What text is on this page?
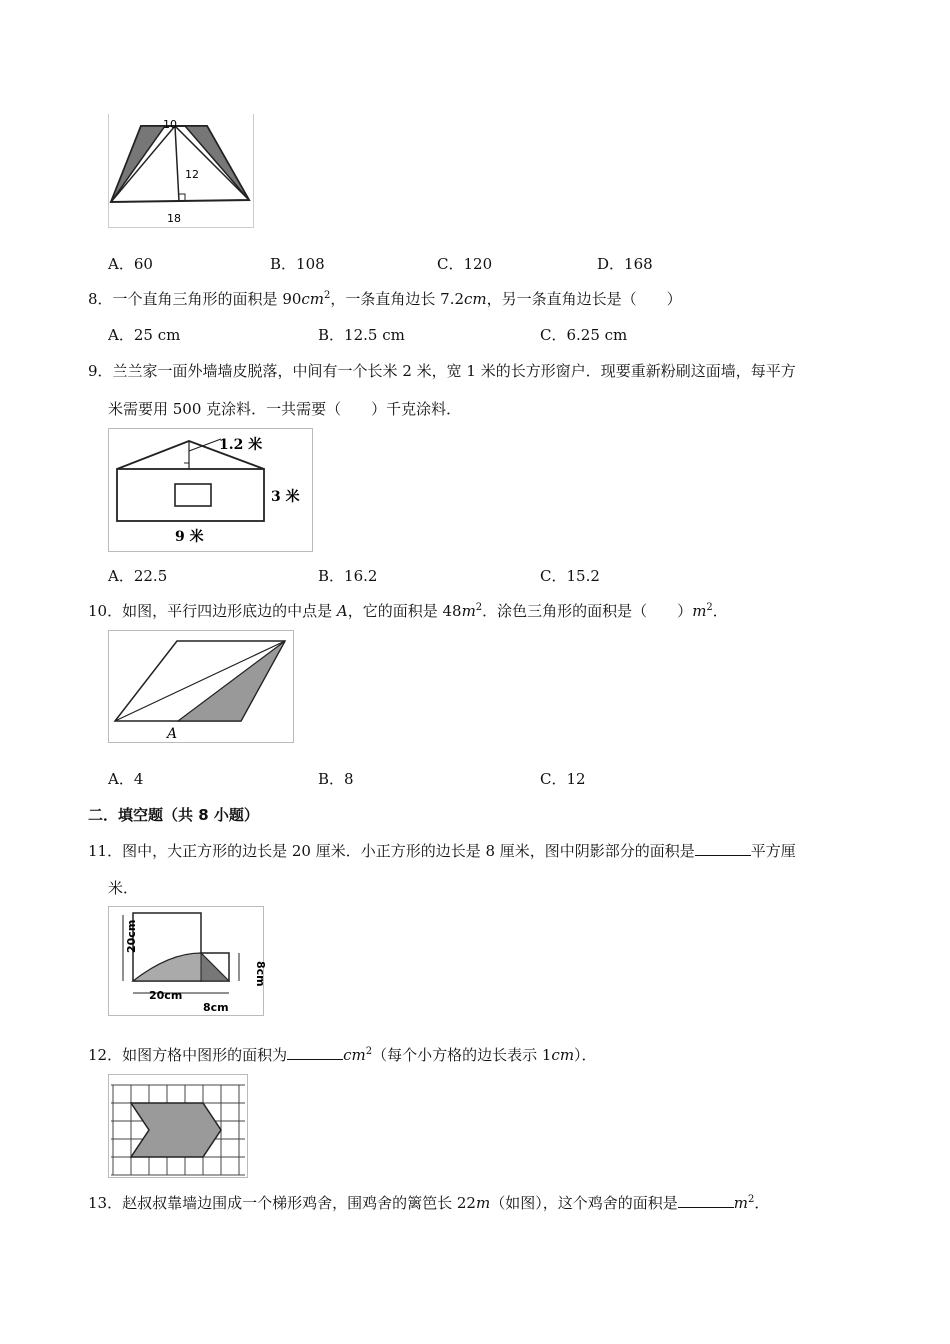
10
12
18
A．60	B．108	C．120	D．168
8．一个直角三角形的面积是 $90cm^2$，一条直角边长 7.2cm，另一条直角边长是（　　）
A．25 cm	B．12.5 cm	C．6.25 cm
9．兰兰家一面外墙墙皮脱落，中间有一个长米 2 米，宽 1 米的长方形窗户．现要重新粉刷这面墙，每平方
米需要用 500 克涂料．一共需要（　　）千克涂料．
1.2 米
3 米
9 米
A．22.5	B．16.2	C．15.2
10．如图，平行四边形底边的中点是 A，它的面积是 $48m^2$．涂色三角形的面积是（　　）$m^2$．
A
A．4	B．8	C．12
二．填空题（共 8 小题）
11．图中，大正方形的边长是 20 厘米．小正方形的边长是 8 厘米，图中阴影部分的面积是	平方厘
米．
20cm
20cm
8cm
8cm
12．如图方格中图形的面积为	$cm^2$（每个小方格的边长表示 1cm）．
13．赵叔叔靠墙边围成一个梯形鸡舍，围鸡舍的篱笆长 22m（如图），这个鸡舍的面积是	$m^2$．
